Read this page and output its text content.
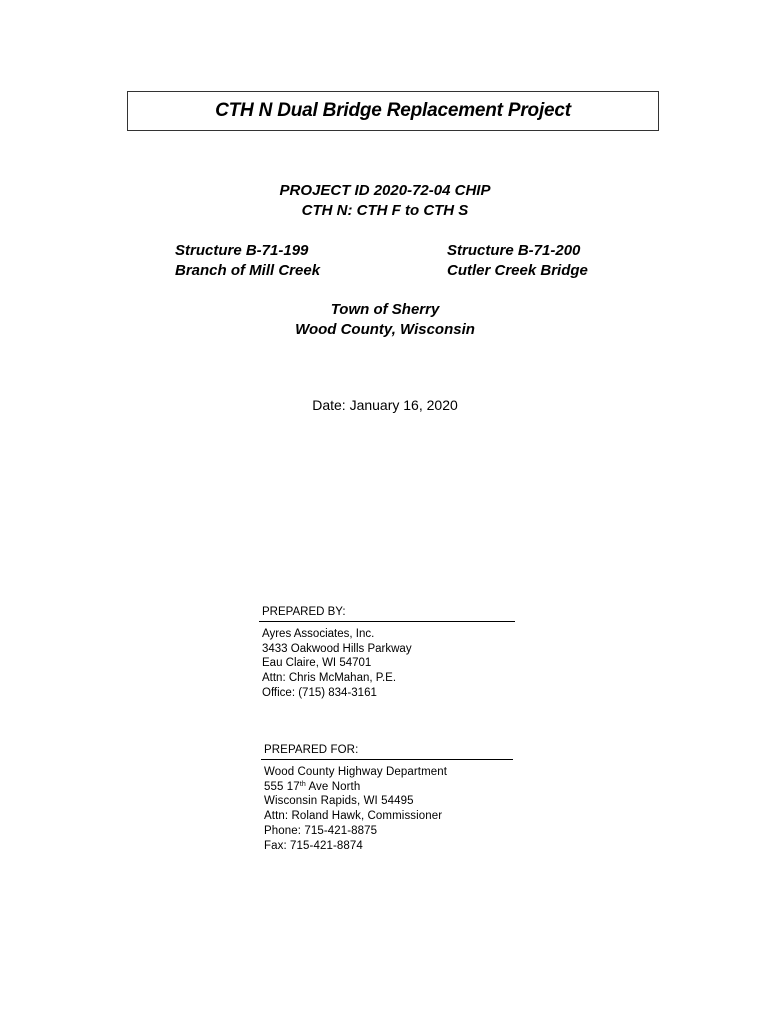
CTH N Dual Bridge Replacement Project
PROJECT ID 2020-72-04 CHIP
CTH N: CTH F to CTH S
Structure B-71-199
Branch of Mill Creek
Structure B-71-200
Cutler Creek Bridge
Town of Sherry
Wood County, Wisconsin
Date: January 16, 2020
PREPARED BY:
Ayres Associates, Inc.
3433 Oakwood Hills Parkway
Eau Claire, WI 54701
Attn: Chris McMahan, P.E.
Office: (715) 834-3161
PREPARED FOR:
Wood County Highway Department
555 17th Ave North
Wisconsin Rapids, WI 54495
Attn: Roland Hawk, Commissioner
Phone: 715-421-8875
Fax: 715-421-8874
